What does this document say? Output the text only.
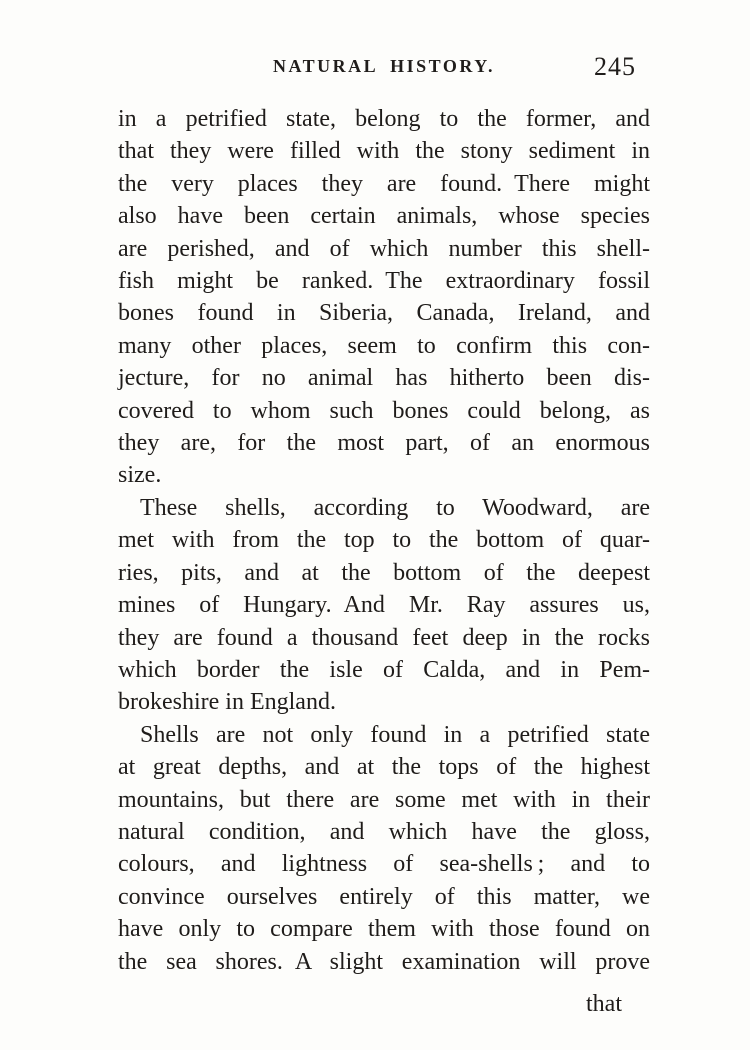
NATURAL HISTORY.	245
in a petrified state, belong to the former, and
that they were filled with the stony sediment in
the very places they are found. There might
also have been certain animals, whose species
are perished, and of which number this shell-
fish might be ranked. The extraordinary fossil
bones found in Siberia, Canada, Ireland, and
many other places, seem to confirm this con-
jecture, for no animal has hitherto been dis-
covered to whom such bones could belong, as
they are, for the most part, of an enormous
size.
These shells, according to Woodward, are
met with from the top to the bottom of quar-
ries, pits, and at the bottom of the deepest
mines of Hungary. And Mr. Ray assures us,
they are found a thousand feet deep in the rocks
which border the isle of Calda, and in Pem-
brokeshire in England.
Shells are not only found in a petrified state
at great depths, and at the tops of the highest
mountains, but there are some met with in their
natural condition, and which have the gloss,
colours, and lightness of sea-shells ; and to
convince ourselves entirely of this matter, we
have only to compare them with those found on
the sea shores. A slight examination will prove
that
